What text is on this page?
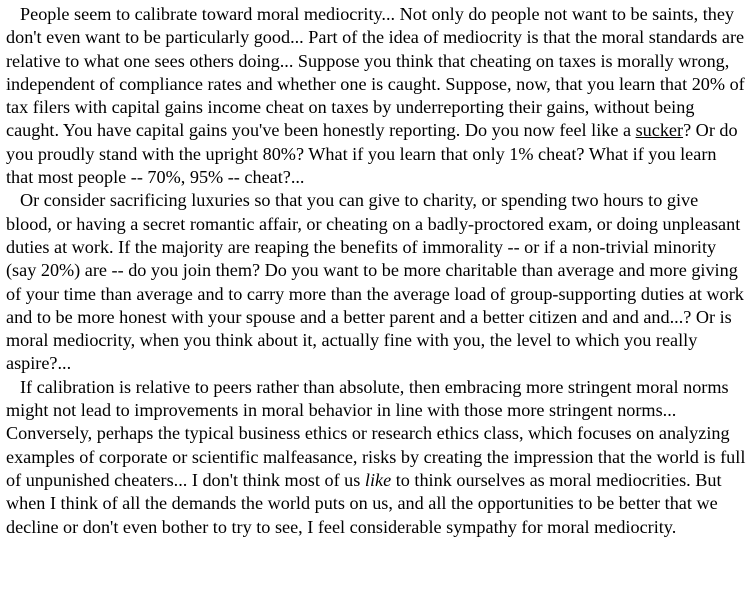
People seem to calibrate toward moral mediocrity... Not only do people not want to be saints, they don't even want to be particularly good... Part of the idea of mediocrity is that the moral standards are relative to what one sees others doing... Suppose you think that cheating on taxes is morally wrong, independent of compliance rates and whether one is caught. Suppose, now, that you learn that 20% of tax filers with capital gains income cheat on taxes by underreporting their gains, without being caught. You have capital gains you've been honestly reporting. Do you now feel like a sucker? Or do you proudly stand with the upright 80%? What if you learn that only 1% cheat? What if you learn that most people -- 70%, 95% -- cheat?...

Or consider sacrificing luxuries so that you can give to charity, or spending two hours to give blood, or having a secret romantic affair, or cheating on a badly-proctored exam, or doing unpleasant duties at work. If the majority are reaping the benefits of immorality -- or if a non-trivial minority (say 20%) are -- do you join them? Do you want to be more charitable than average and more giving of your time than average and to carry more than the average load of group-supporting duties at work and to be more honest with your spouse and a better parent and a better citizen and and and...? Or is moral mediocrity, when you think about it, actually fine with you, the level to which you really aspire?...

If calibration is relative to peers rather than absolute, then embracing more stringent moral norms might not lead to improvements in moral behavior in line with those more stringent norms... Conversely, perhaps the typical business ethics or research ethics class, which focuses on analyzing examples of corporate or scientific malfeasance, risks by creating the impression that the world is full of unpunished cheaters... I don't think most of us like to think ourselves as moral mediocrities. But when I think of all the demands the world puts on us, and all the opportunities to be better that we decline or don't even bother to try to see, I feel considerable sympathy for moral mediocrity.
